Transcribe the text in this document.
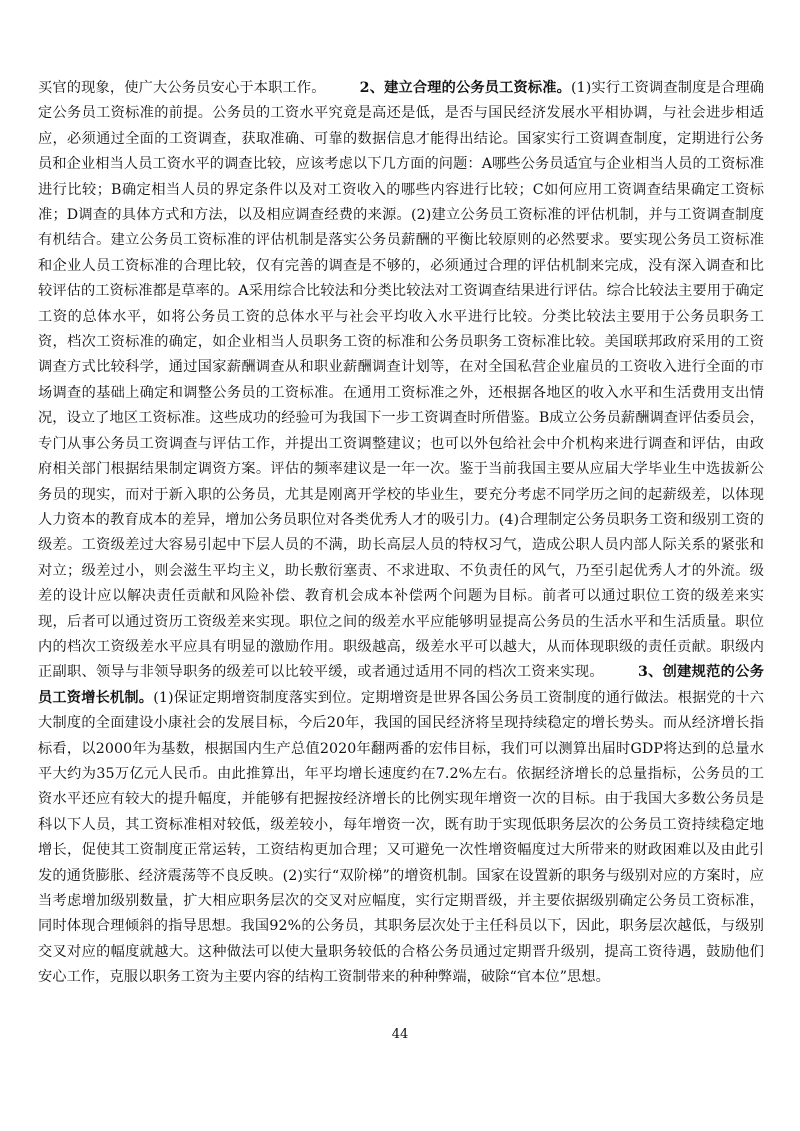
买官的现象，使广大公务员安心于本职工作。 2、建立合理的公务员工资标准。(1)实行工资调查制度是合理确定公务员工资标准的前提。公务员的工资水平究竟是高还是低，是否与国民经济发展水平相协调，与社会进步相适应，必须通过全面的工资调查，获取准确、可靠的数据信息才能得出结论。国家实行工资调查制度，定期进行公务员和企业相当人员工资水平的调查比较，应该考虑以下几方面的问题：A哪些公务员适宜与企业相当人员的工资标准进行比较；B确定相当人员的界定条件以及对工资收入的哪些内容进行比较；C如何应用工资调查结果确定工资标准；D调查的具体方式和方法，以及相应调查经费的来源。(2)建立公务员工资标准的评估机制，并与工资调查制度有机结合。建立公务员工资标准的评估机制是落实公务员薪酬的平衡比较原则的必然要求。要实现公务员工资标准和企业人员工资标准的合理比较，仅有完善的调查是不够的，必须通过合理的评估机制来完成，没有深入调查和比较评估的工资标准都是草率的。A采用综合比较法和分类比较法对工资调查结果进行评估。综合比较法主要用于确定工资的总体水平，如将公务员工资的总体水平与社会平均收入水平进行比较。分类比较法主要用于公务员职务工资，档次工资标准的确定，如企业相当人员职务工资的标准和公务员职务工资标准比较。美国联邦政府采用的工资调查方式比较科学，通过国家薪酬调查从和职业薪酬调查计划等，在对全国私营企业雇员的工资收入进行全面的市场调查的基础上确定和调整公务员的工资标准。在通用工资标准之外，还根据各地区的收入水平和生活费用支出情况，设立了地区工资标准。这些成功的经验可为我国下一步工资调查时所借鉴。B成立公务员薪酬调查评估委员会，专门从事公务员工资调查与评估工作，并提出工资调整建议；也可以外包给社会中介机构来进行调查和评估，由政府相关部门根据结果制定调资方案。评估的频率建议是一年一次。鉴于当前我国主要从应届大学毕业生中选拔新公务员的现实，而对于新入职的公务员，尤其是刚离开学校的毕业生，要充分考虑不同学历之间的起薪级差，以体现人力资本的教育成本的差异，增加公务员职位对各类优秀人才的吸引力。(4)合理制定公务员职务工资和级别工资的级差。工资级差过大容易引起中下层人员的不满，助长高层人员的特权习气，造成公职人员内部人际关系的紧张和对立；级差过小，则会滋生平均主义，助长敷衍塞责、不求进取、不负责任的风气，乃至引起优秀人才的外流。级差的设计应以解决责任贡献和风险补偿、教育机会成本补偿两个问题为目标。前者可以通过职位工资的级差来实现，后者可以通过资历工资级差来实现。职位之间的级差水平应能够明显提高公务员的生活水平和生活质量。职位内的档次工资级差水平应具有明显的激励作用。职级越高，级差水平可以越大，从而体现职级的责任贡献。职级内正副职、领导与非领导职务的级差可以比较平缓，或者通过适用不同的档次工资来实现。 3、创建规范的公务员工资增长机制。(1)保证定期增资制度落实到位。定期增资是世界各国公务员工资制度的通行做法。根据党的十六大制度的全面建设小康社会的发展目标，今后20年，我国的国民经济将呈现持续稳定的增长势头。而从经济增长指标看，以2000年为基数，根据国内生产总值2020年翻两番的宏伟目标，我们可以测算出届时GDP将达到的总量水平大约为35万亿元人民币。由此推算出，年平均增长速度约在7.2%左右。依据经济增长的总量指标，公务员的工资水平还应有较大的提升幅度，并能够有把握按经济增长的比例实现年增资一次的目标。由于我国大多数公务员是科以下人员，其工资标准相对较低，级差较小，每年增资一次，既有助于实现低职务层次的公务员工资持续稳定地增长，促使其工资制度正常运转，工资结构更加合理；又可避免一次性增资幅度过大所带来的财政困难以及由此引发的通货膨胀、经济震荡等不良反映。(2)实行“双阶梯”的增资机制。国家在设置新的职务与级别对应的方案时，应当考虑增加级别数量，扩大相应职务层次的交叉对应幅度，实行定期晋级，并主要依据级别确定公务员工资标准，同时体现合理倾斜的指导思想。我国92%的公务员，其职务层次处于主任科员以下，因此，职务层次越低，与级别交叉对应的幅度就越大。这种做法可以使大量职务较低的合格公务员通过定期晋升级别，提高工资待遇，鼓励他们安心工作，克服以职务工资为主要内容的结构工资制带来的种种弊端，破除“官本位”思想。

44
